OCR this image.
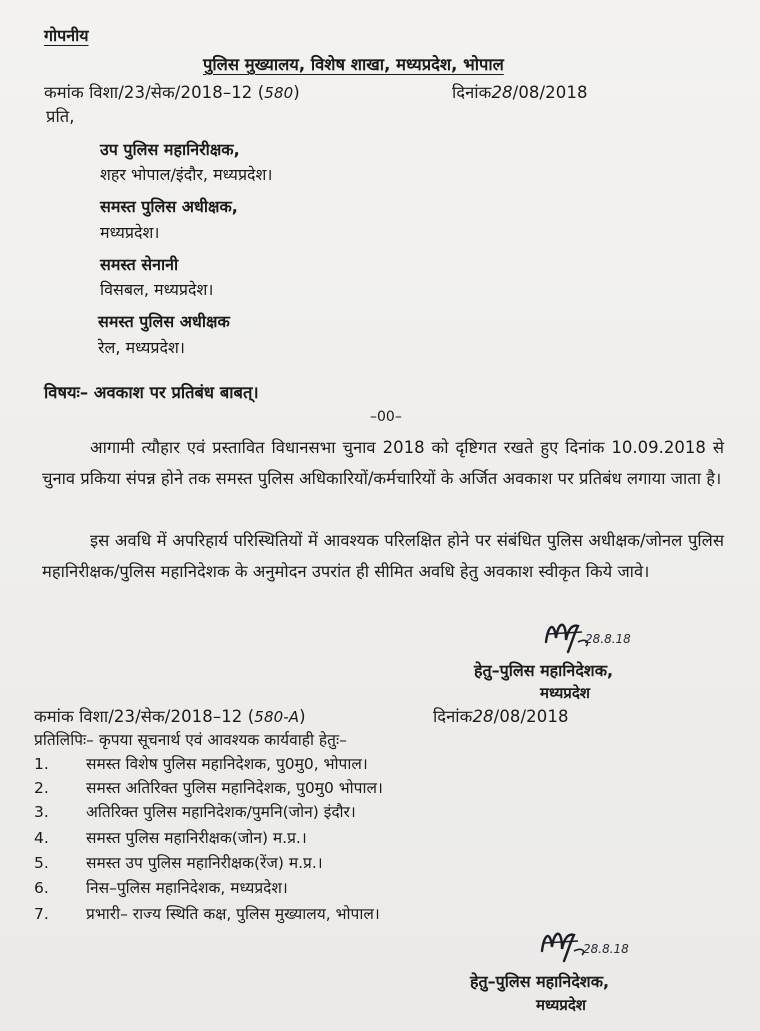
गोपनीय
पुलिस मुख्यालय, विशेष शाखा, मध्यप्रदेश, भोपाल
कमांक विशा/23/सेक/2018–12 (580)	दिनांक28/08/2018
प्रति,
उप पुलिस महानिरीक्षक,
शहर भोपाल/इंदौर, मध्यप्रदेश।
समस्त पुलिस अधीक्षक,
मध्यप्रदेश।
समस्त सेनानी
विसबल, मध्यप्रदेश।
समस्त पुलिस अधीक्षक
रेल, मध्यप्रदेश।
विषयः– अवकाश पर प्रतिबंध बाबत्।
–00–

आगामी त्यौहार एवं प्रस्तावित विधानसभा चुनाव 2018 को दृष्टिगत रखते हुए दिनांक 10.09.2018 से चुनाव प्रकिया संपन्न होने तक समस्त पुलिस अधिकारियों/कर्मचारियों के अर्जित अवकाश पर प्रतिबंध लगाया जाता है।

इस अवधि में अपरिहार्य परिस्थितियों में आवश्यक परिलक्षित होने पर संबंधित पुलिस अधीक्षक/जोनल पुलिस महानिरीक्षक/पुलिस महानिदेशक के अनुमोदन उपरांत ही सीमित अवधि हेतु अवकाश स्वीकृत किये जावे।

28.8.18
हेतु–पुलिस महानिदेशक,
मध्यप्रदेश
कमांक विशा/23/सेक/2018–12 (580-A)	दिनांक28/08/2018
प्रतिलिपिः– कृपया सूचनार्थ एवं आवश्यक कार्यवाही हेतुः–
1. समस्त विशेष पुलिस महानिदेशक, पु0मु0, भोपाल।
2. समस्त अतिरिक्त पुलिस महानिदेशक, पु0मु0 भोपाल।
3. अतिरिक्त पुलिस महानिदेशक/पुमनि(जोन) इंदौर।
4. समस्त पुलिस महानिरीक्षक(जोन) म.प्र.।
5. समस्त उप पुलिस महानिरीक्षक(रेंज) म.प्र.।
6. निस–पुलिस महानिदेशक, मध्यप्रदेश।
7. प्रभारी– राज्य स्थिति कक्ष, पुलिस मुख्यालय, भोपाल।
28.8.18
हेतु–पुलिस महानिदेशक,
मध्यप्रदेश
